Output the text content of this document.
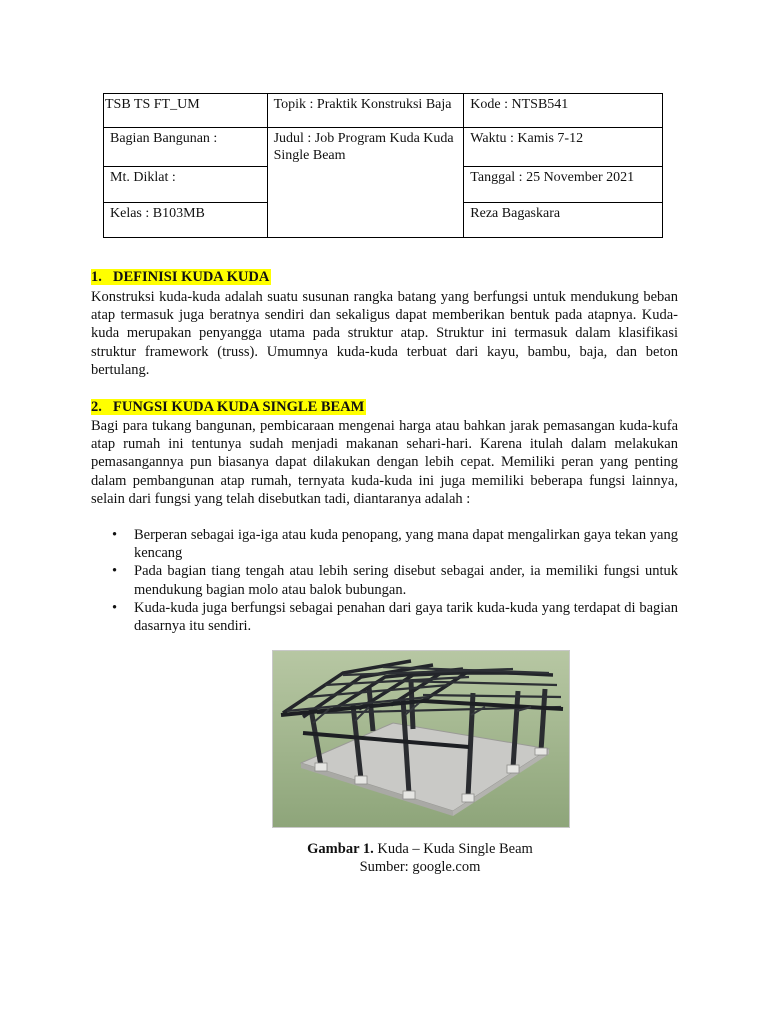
TSB TS FT_UM	Topik : Praktik Konstruksi Baja	Kode : NTSB541
Bagian Bangunan :	Judul : Job Program Kuda Kuda Single Beam	Waktu : Kamis 7-12
Mt. Diklat :		Tanggal : 25 November 2021
Kelas : B103MB		Reza Bagaskara
1. DEFINISI KUDA KUDA
Konstruksi kuda-kuda adalah suatu susunan rangka batang yang berfungsi untuk mendukung beban atap termasuk juga beratnya sendiri dan sekaligus dapat memberikan bentuk pada atapnya. Kuda-kuda merupakan penyangga utama pada struktur atap. Struktur ini termasuk dalam klasifikasi struktur framework (truss). Umumnya kuda-kuda terbuat dari kayu, bambu, baja, dan beton bertulang.
2. FUNGSI KUDA KUDA SINGLE BEAM
Bagi para tukang bangunan, pembicaraan mengenai harga atau bahkan jarak pemasangan kuda-kufa atap rumah ini tentunya sudah menjadi makanan sehari-hari. Karena itulah dalam melakukan pemasangannya pun biasanya dapat dilakukan dengan lebih cepat. Memiliki peran yang penting dalam pembangunan atap rumah, ternyata kuda-kuda ini juga memiliki beberapa fungsi lainnya, selain dari fungsi yang telah disebutkan tadi, diantaranya adalah :
• Berperan sebagai iga-iga atau kuda penopang, yang mana dapat mengalirkan gaya tekan yang kencang
• Pada bagian tiang tengah atau lebih sering disebut sebagai ander, ia memiliki fungsi untuk mendukung bagian molo atau balok bubungan.
• Kuda-kuda juga berfungsi sebagai penahan dari gaya tarik kuda-kuda yang terdapat di bagian dasarnya itu sendiri.
Gambar 1. Kuda – Kuda Single Beam
Sumber: google.com
